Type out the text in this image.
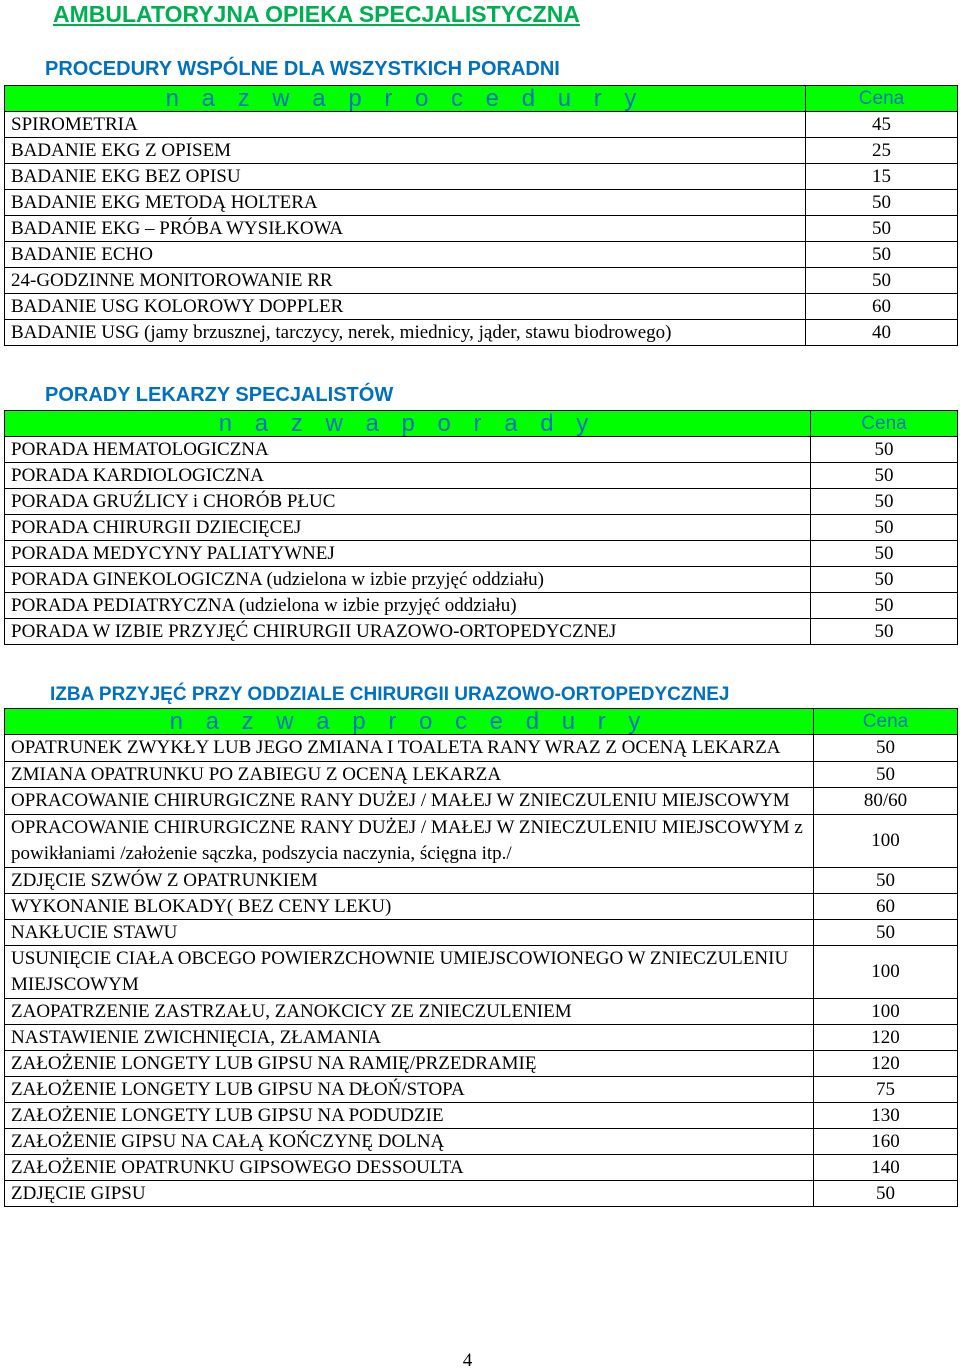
AMBULATORYJNA OPIEKA SPECJALISTYCZNA
PROCEDURY WSPÓLNE DLA WSZYSTKICH PORADNI
n a z w a p r o c e d u r y	Cena
SPIROMETRIA	45
BADANIE EKG Z OPISEM	25
BADANIE EKG BEZ OPISU	15
BADANIE EKG METODĄ HOLTERA	50
BADANIE EKG – PRÓBA WYSIŁKOWA	50
BADANIE ECHO	50
24-GODZINNE MONITOROWANIE RR	50
BADANIE USG KOLOROWY DOPPLER	60
BADANIE USG (jamy brzusznej, tarczycy, nerek, miednicy, jąder, stawu biodrowego)	40
PORADY LEKARZY SPECJALISTÓW
n a z w a p o r a d y	Cena
PORADA HEMATOLOGICZNA	50
PORADA KARDIOLOGICZNA	50
PORADA GRUŹLICY i CHORÓB PŁUC	50
PORADA CHIRURGII DZIECIĘCEJ	50
PORADA MEDYCYNY PALIATYWNEJ	50
PORADA GINEKOLOGICZNA (udzielona w izbie przyjęć oddziału)	50
PORADA PEDIATRYCZNA (udzielona w izbie przyjęć oddziału)	50
PORADA W IZBIE PRZYJĘĆ CHIRURGII URAZOWO-ORTOPEDYCZNEJ	50
IZBA PRZYJĘĆ PRZY ODDZIALE CHIRURGII URAZOWO-ORTOPEDYCZNEJ
n a z w a p r o c e d u r y	Cena
OPATRUNEK ZWYKŁY LUB JEGO ZMIANA I TOALETA RANY WRAZ Z OCENĄ LEKARZA	50
ZMIANA OPATRUNKU PO ZABIEGU Z OCENĄ LEKARZA	50
OPRACOWANIE CHIRURGICZNE RANY DUŻEJ / MAŁEJ W ZNIECZULENIU MIEJSCOWYM	80/60
OPRACOWANIE CHIRURGICZNE RANY DUŻEJ / MAŁEJ W ZNIECZULENIU MIEJSCOWYM z powikłaniami /założenie sączka, podszycia naczynia, ścięgna itp./	100
ZDJĘCIE SZWÓW Z OPATRUNKIEM	50
WYKONANIE BLOKADY( BEZ CENY LEKU)	60
NAKŁUCIE STAWU	50
USUNIĘCIE CIAŁA OBCEGO POWIERZCHOWNIE UMIEJSCOWIONEGO W ZNIECZULENIU MIEJSCOWYM	100
ZAOPATRZENIE ZASTRZAŁU, ZANOKCICY ZE ZNIECZULENIEM	100
NASTAWIENIE ZWICHNIĘCIA, ZŁAMANIA	120
ZAŁOŻENIE LONGETY LUB GIPSU NA RAMIĘ/PRZEDRAMIĘ	120
ZAŁOŻENIE LONGETY LUB GIPSU NA DŁOŃ/STOPA	75
ZAŁOŻENIE LONGETY LUB GIPSU NA PODUDZIE	130
ZAŁOŻENIE GIPSU NA CAŁĄ KOŃCZYNĘ DOLNĄ	160
ZAŁOŻENIE OPATRUNKU GIPSOWEGO DESSOULTA	140
ZDJĘCIE GIPSU	50
4
